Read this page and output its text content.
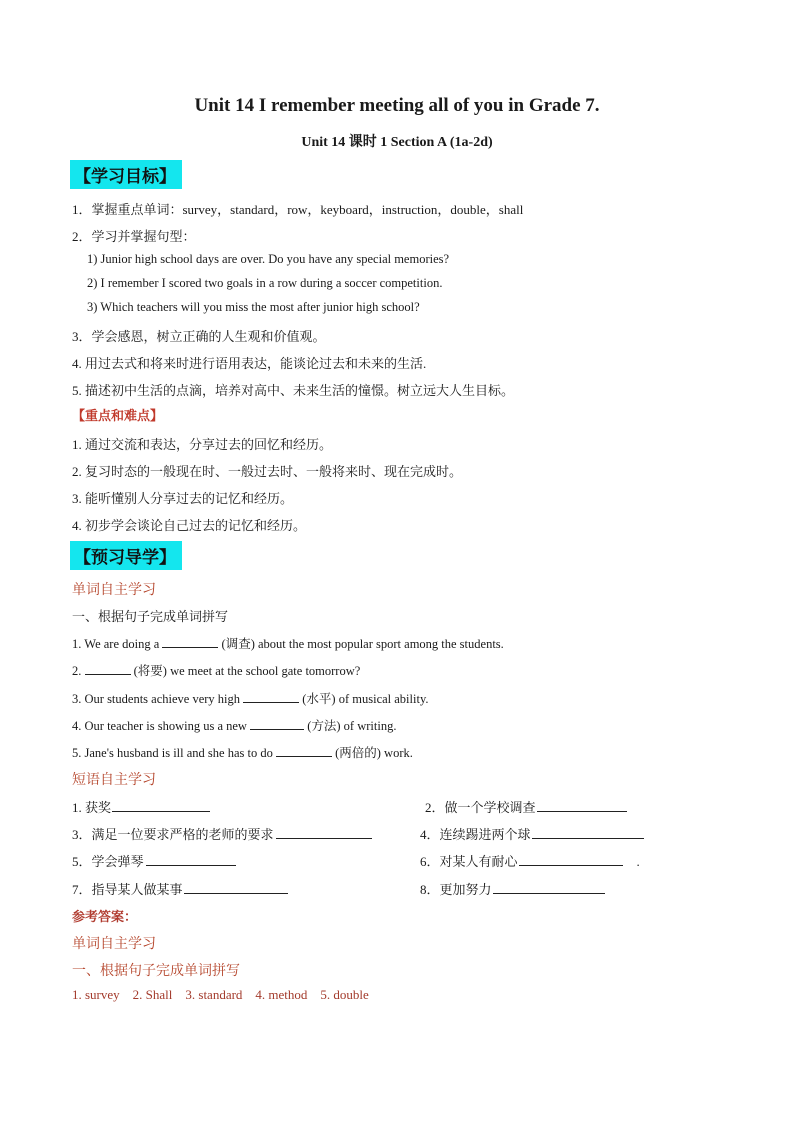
Unit 14 I remember meeting all of you in Grade 7.
Unit 14 课时 1 Section A (1a-2d)
【学习目标】
1．掌握重点单词：survey，standard，row，keyboard，instruction，double，shall
2．学习并掌握句型：
1) Junior high school days are over. Do you have any special memories?
2) I remember I scored two goals in a row during a soccer competition.
3) Which teachers will you miss the most after junior high school?
3．学会感恩，树立正确的人生观和价值观。
4. 用过去式和将来时进行语用表达，能谈论过去和未来的生活.
5. 描述初中生活的点滴，培养对高中、未来生活的憧憬。树立远大人生目标。
【重点和难点】
1. 通过交流和表达，分享过去的回忆和经历。
2. 复习时态的一般现在时、一般过去时、一般将来时、现在完成时。
3. 能听懂别人分享过去的记忆和经历。
4. 初步学会谈论自己过去的记忆和经历。
【预习导学】
单词自主学习
一、根据句子完成单词拼写
1. We are doing a	(调查) about the most popular sport among the students.
2.	(将要) we meet at the school gate tomorrow?
3. Our students achieve very high	(水平) of musical ability.
4. Our teacher is showing us a new	(方法) of writing.
5. Jane's husband is ill and she has to do	(两倍的) work.
短语自主学习
1. 获奖	2．做一个学校调查
3．满足一位要求严格的老师的要求	4．连续踢进两个球
5．学会弹琴	6．对某人有耐心	.
7．指导某人做某事	8．更加努力
参考答案：
单词自主学习
一、根据句子完成单词拼写
1. survey    2. Shall    3. standard    4. method    5. double
